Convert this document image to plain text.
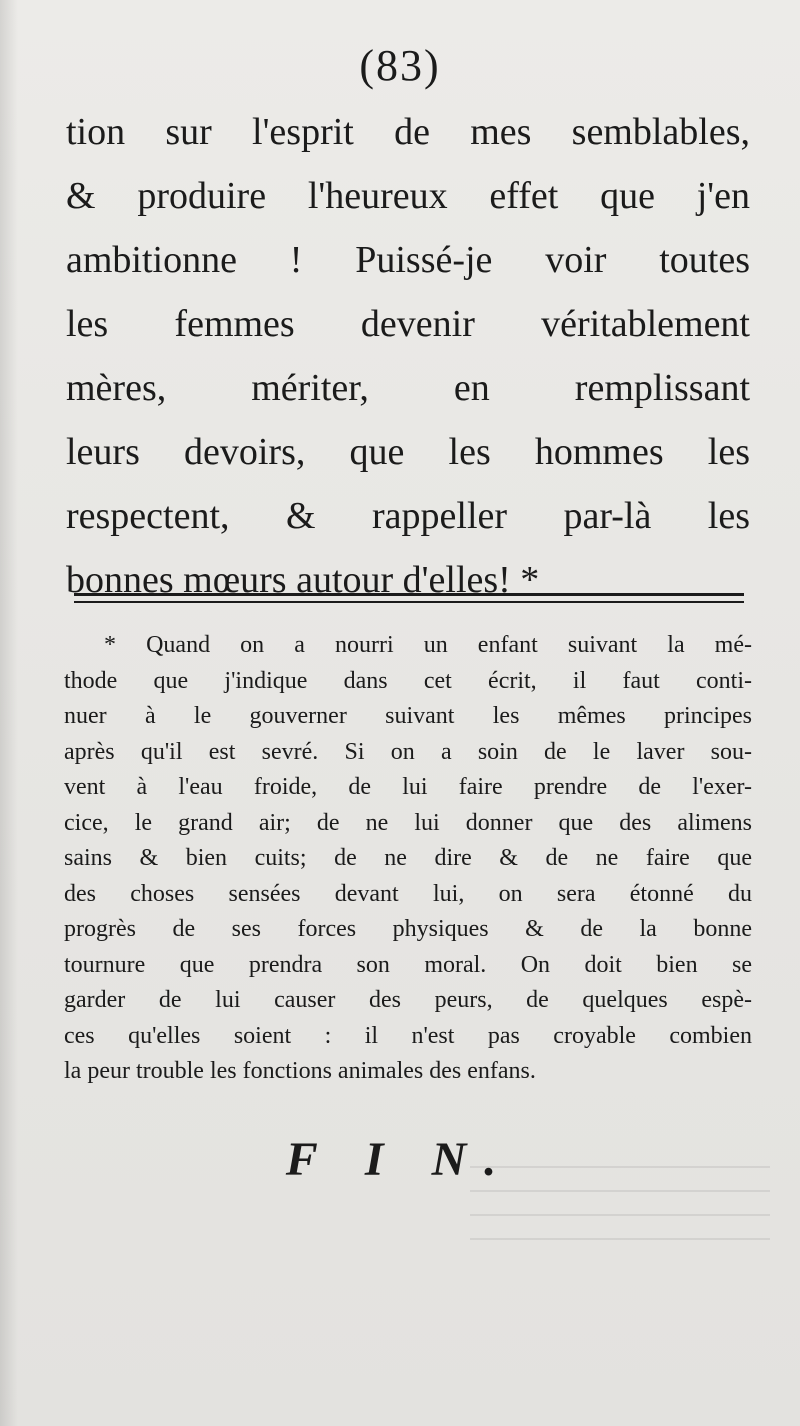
(83)

tion sur l'esprit de mes semblables,
& produire l'heureux effet que j'en
ambitionne ! Puissé-je voir toutes
les femmes devenir véritablement
mères, mériter, en remplissant
leurs devoirs, que les hommes les
respectent, & rappeller par-là les
bonnes mœurs autour d'elles! *

* Quand on a nourri un enfant suivant la mé-
thode que j'indique dans cet écrit, il faut conti-
nuer à le gouverner suivant les mêmes principes
après qu'il est sevré. Si on a soin de le laver sou-
vent à l'eau froide, de lui faire prendre de l'exer-
cice, le grand air; de ne lui donner que des alimens
sains & bien cuits; de ne dire & de ne faire que
des choses sensées devant lui, on sera étonné du
progrès de ses forces physiques & de la bonne
tournure que prendra son moral. On doit bien se
garder de lui causer des peurs, de quelques espè-
ces qu'elles soient : il n'est pas croyable combien
la peur trouble les fonctions animales des enfans.
F I N.
